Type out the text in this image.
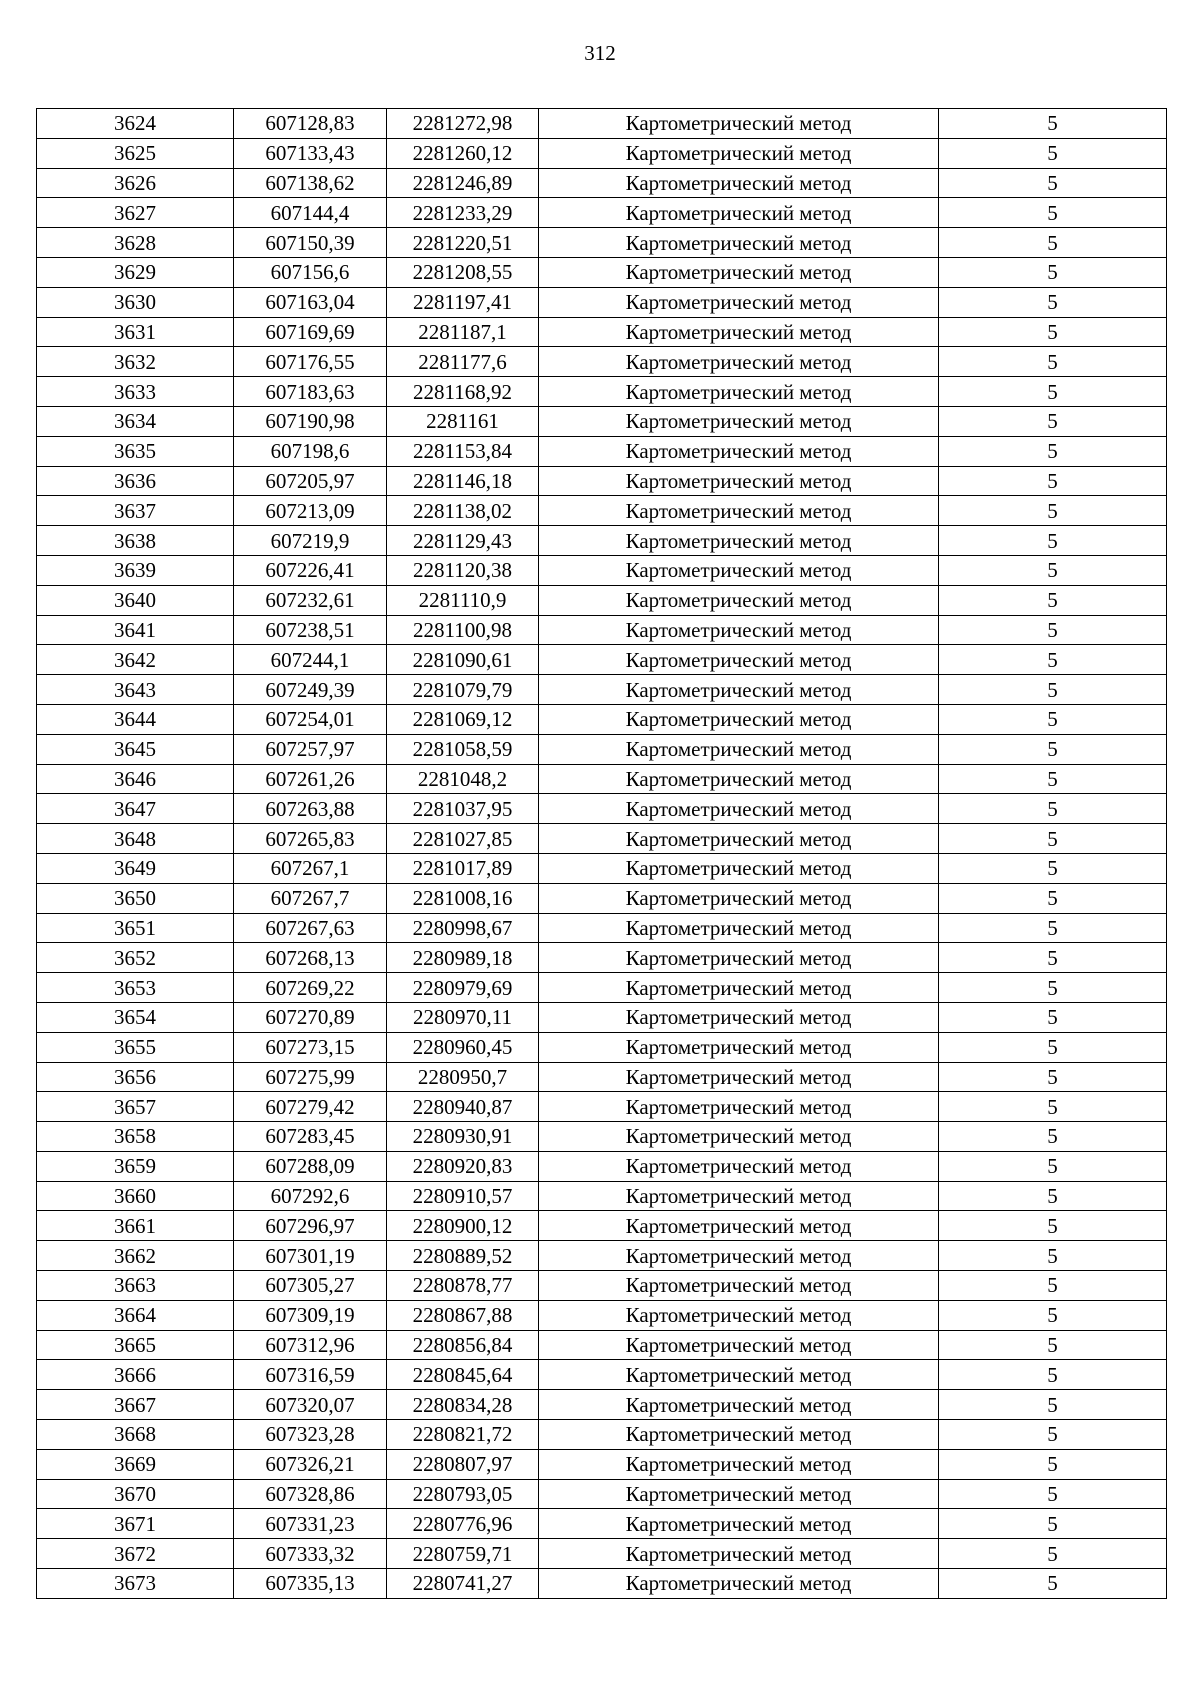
312
3624	607128,83	2281272,98	Картометрический метод	5
3625	607133,43	2281260,12	Картометрический метод	5
3626	607138,62	2281246,89	Картометрический метод	5
3627	607144,4	2281233,29	Картометрический метод	5
3628	607150,39	2281220,51	Картометрический метод	5
3629	607156,6	2281208,55	Картометрический метод	5
3630	607163,04	2281197,41	Картометрический метод	5
3631	607169,69	2281187,1	Картометрический метод	5
3632	607176,55	2281177,6	Картометрический метод	5
3633	607183,63	2281168,92	Картометрический метод	5
3634	607190,98	2281161	Картометрический метод	5
3635	607198,6	2281153,84	Картометрический метод	5
3636	607205,97	2281146,18	Картометрический метод	5
3637	607213,09	2281138,02	Картометрический метод	5
3638	607219,9	2281129,43	Картометрический метод	5
3639	607226,41	2281120,38	Картометрический метод	5
3640	607232,61	2281110,9	Картометрический метод	5
3641	607238,51	2281100,98	Картометрический метод	5
3642	607244,1	2281090,61	Картометрический метод	5
3643	607249,39	2281079,79	Картометрический метод	5
3644	607254,01	2281069,12	Картометрический метод	5
3645	607257,97	2281058,59	Картометрический метод	5
3646	607261,26	2281048,2	Картометрический метод	5
3647	607263,88	2281037,95	Картометрический метод	5
3648	607265,83	2281027,85	Картометрический метод	5
3649	607267,1	2281017,89	Картометрический метод	5
3650	607267,7	2281008,16	Картометрический метод	5
3651	607267,63	2280998,67	Картометрический метод	5
3652	607268,13	2280989,18	Картометрический метод	5
3653	607269,22	2280979,69	Картометрический метод	5
3654	607270,89	2280970,11	Картометрический метод	5
3655	607273,15	2280960,45	Картометрический метод	5
3656	607275,99	2280950,7	Картометрический метод	5
3657	607279,42	2280940,87	Картометрический метод	5
3658	607283,45	2280930,91	Картометрический метод	5
3659	607288,09	2280920,83	Картометрический метод	5
3660	607292,6	2280910,57	Картометрический метод	5
3661	607296,97	2280900,12	Картометрический метод	5
3662	607301,19	2280889,52	Картометрический метод	5
3663	607305,27	2280878,77	Картометрический метод	5
3664	607309,19	2280867,88	Картометрический метод	5
3665	607312,96	2280856,84	Картометрический метод	5
3666	607316,59	2280845,64	Картометрический метод	5
3667	607320,07	2280834,28	Картометрический метод	5
3668	607323,28	2280821,72	Картометрический метод	5
3669	607326,21	2280807,97	Картометрический метод	5
3670	607328,86	2280793,05	Картометрический метод	5
3671	607331,23	2280776,96	Картометрический метод	5
3672	607333,32	2280759,71	Картометрический метод	5
3673	607335,13	2280741,27	Картометрический метод	5
